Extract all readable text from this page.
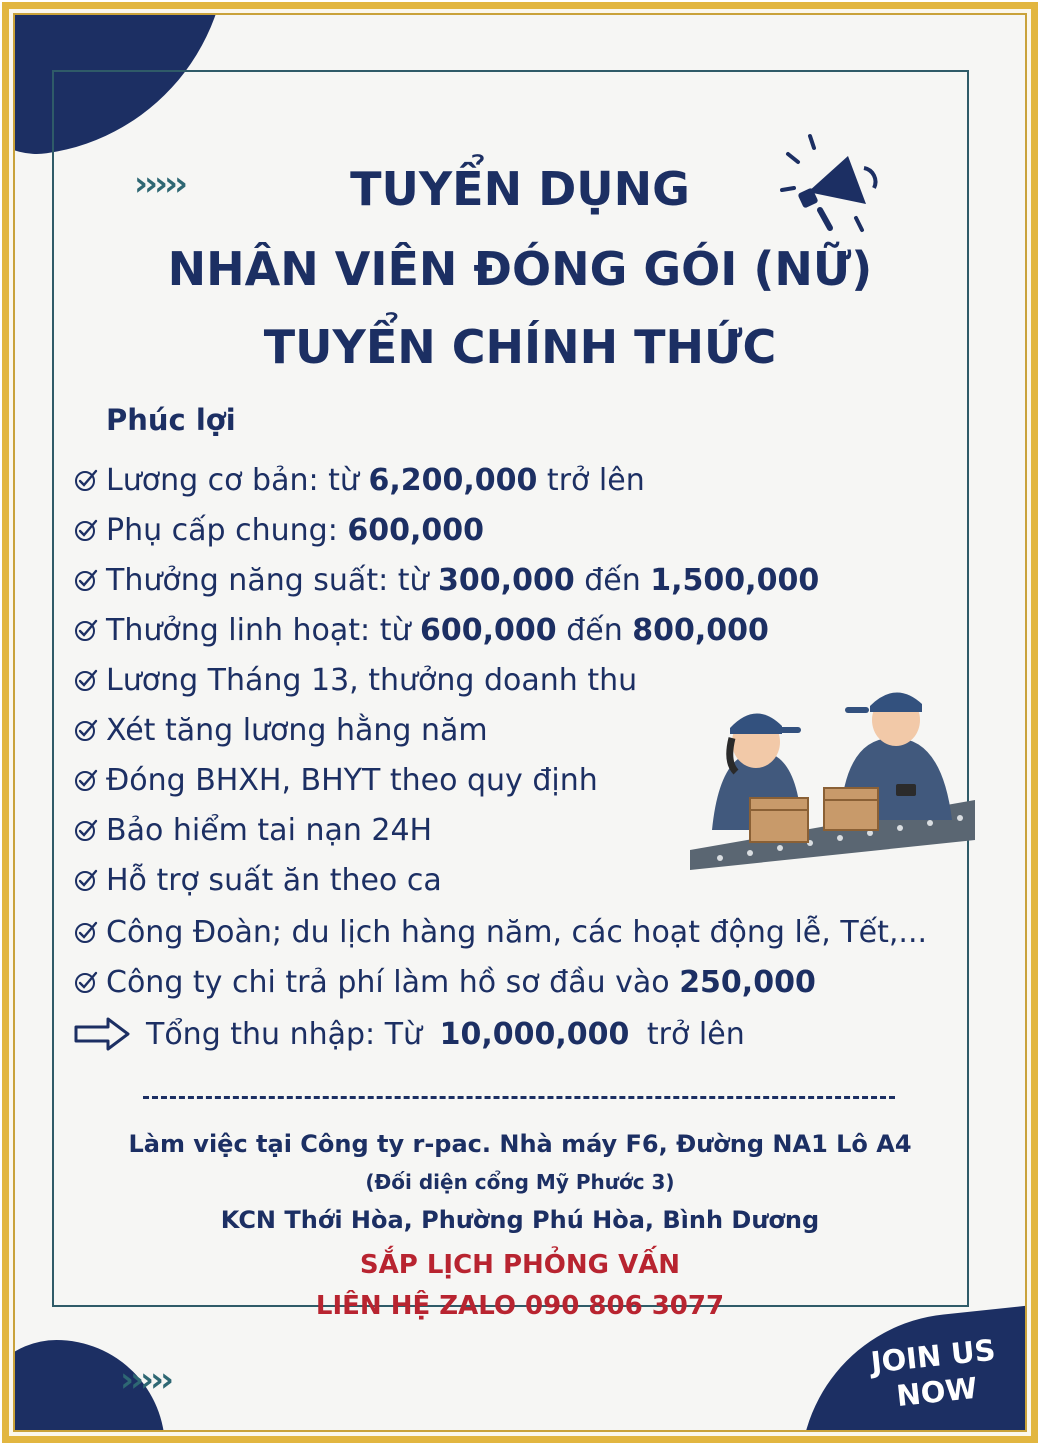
›››››
›››››
TUYỂN DỤNG
NHÂN VIÊN ĐÓNG GÓI (NỮ)
TUYỂN CHÍNH THỨC
Phúc lợi
Lương cơ bản: từ 6,200,000 trở lên
Phụ cấp chung: 600,000
Thưởng năng suất: từ 300,000 đến 1,500,000
Thưởng linh hoạt: từ 600,000 đến 800,000
Lương Tháng 13, thưởng doanh thu
Xét tăng lương hằng năm
Đóng BHXH, BHYT theo quy định
Bảo hiểm tai nạn 24H
Hỗ trợ suất ăn theo ca
Công Đoàn; du lịch hàng năm, các hoạt động lễ, Tết,...
Công ty chi trả phí làm hồ sơ đầu vào 250,000
Tổng thu nhập: Từ 10,000,000 trở lên
Làm việc tại Công ty r-pac. Nhà máy F6, Đường NA1 Lô A4
(Đối diện cổng Mỹ Phước 3)
KCN Thới Hòa, Phường Phú Hòa, Bình Dương
SẮP LỊCH PHỎNG VẤN
LIÊN HỆ ZALO 090 806 3077
JOIN US
NOW
